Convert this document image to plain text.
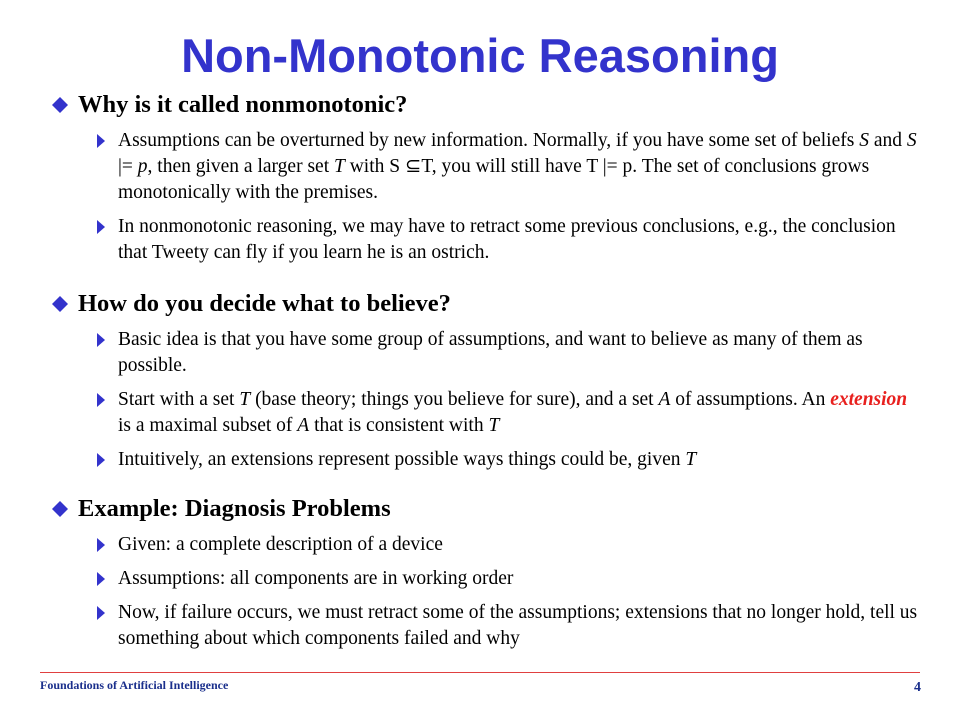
Non-Monotonic Reasoning
Why is it called nonmonotonic?
Assumptions can be overturned by new information. Normally, if you have some set of beliefs S and S |= p, then given a larger set T with S ⊆T, you will still have T |= p. The set of conclusions grows monotonically with the premises.
In nonmonotonic reasoning, we may have to retract some previous conclusions, e.g., the conclusion that Tweety can fly if you learn he is an ostrich.
How do you decide what to believe?
Basic idea is that you have some group of assumptions, and want to believe as many of them as possible.
Start with a set T (base theory; things you believe for sure), and a set A of assumptions. An extension is a maximal subset of A that is consistent with T
Intuitively, an extensions represent possible ways things could be, given T
Example: Diagnosis Problems
Given: a complete description of a device
Assumptions: all components are in working order
Now, if failure occurs, we must retract some of the assumptions; extensions that no longer hold, tell us something about which components failed and why
Foundations of Artificial Intelligence	4
